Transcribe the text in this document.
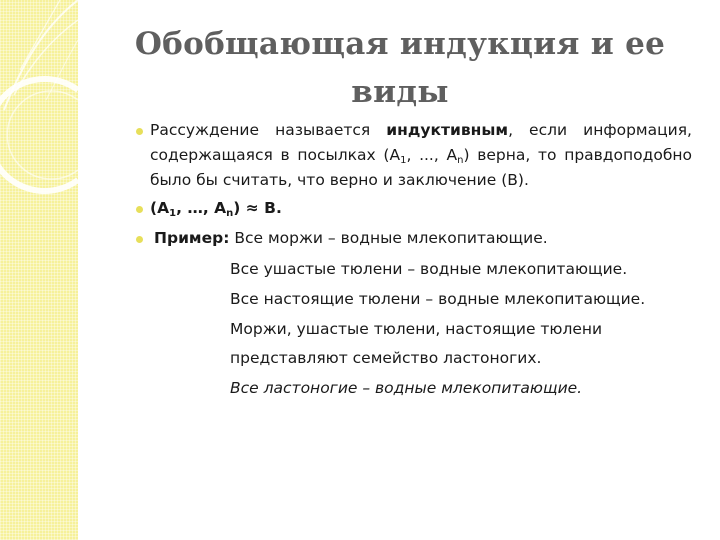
Обобщающая индукция и ее виды
Рассуждение называется индуктивным, если информация, содержащаяся в посылках ($A_1$, ..., $A_n$) верна, то правдоподобно было бы считать, что верно и заключение (В).
($A_1$, …, $A_n) \approx В$.
Пример: Все моржи – водные млекопитающие.
Все ушастые тюлени – водные млекопитающие.
Все настоящие тюлени – водные млекопитающие.
Моржи, ушастые тюлени, настоящие тюлени
представляют семейство ластоногих.
Все ластоногие – водные млекопитающие.
